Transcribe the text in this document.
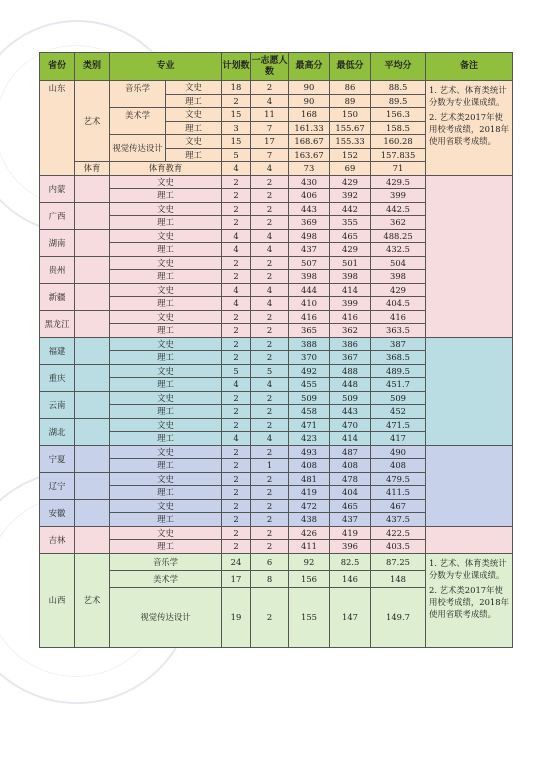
省份	类别	专业		计划数	一志愿人数	最高分	最低分	平均分	备注
山东	艺术	音乐学	文史	18	2	90	86	88.5	1. 艺术、体育类统计分数为专业课成绩。

2. 艺术类2017年使用校考成绩，2018年使用省联考成绩。

			理工	2	4	90	89	89.5	
		美术学	文史	15	11	168	150	156.3	
			理工	3	7	161.33	155.67	158.5	
		视觉传达设计	文史	15	17	168.67	155.33	160.28	
			理工	5	7	163.67	152	157.835	
	体育	体育教育		4	4	73	69	71	
内蒙		文史		2	2	430	429	429.5	
		理工		2	2	406	392	399	
广西		文史		2	2	443	442	442.5	
		理工		2	2	369	355	362	
湖南		文史		4	4	498	465	488.25	
		理工		4	4	437	429	432.5	
贵州		文史		2	2	507	501	504	
		理工		2	2	398	398	398	
新疆		文史		4	4	444	414	429	
		理工		4	4	410	399	404.5	
黑龙江		文史		2	2	416	416	416	
		理工		2	2	365	362	363.5	
福建		文史		2	2	388	386	387	
		理工		2	2	370	367	368.5	
重庆		文史		5	5	492	488	489.5	
		理工		4	4	455	448	451.7	
云南		文史		2	2	509	509	509	
		理工		2	2	458	443	452	
湖北		文史		2	2	471	470	471.5	
		理工		4	4	423	414	417	
宁夏		文史		2	2	493	487	490	
		理工		2	1	408	408	408	
辽宁		文史		2	2	481	478	479.5	
		理工		2	2	419	404	411.5	
安徽		文史		2	2	472	465	467	
		理工		2	2	438	437	437.5	
吉林		文史		2	2	426	419	422.5	
		理工		2	2	411	396	403.5	
山西	艺术	音乐学		24	6	92	82.5	87.25	1. 艺术、体育类统计分数为专业课成绩。

2. 艺术类2017年使用校考成绩，2018年使用省联考成绩。

		美术学		17	8	156	146	148	
		视觉传达设计		19	2	155	147	149.7	
